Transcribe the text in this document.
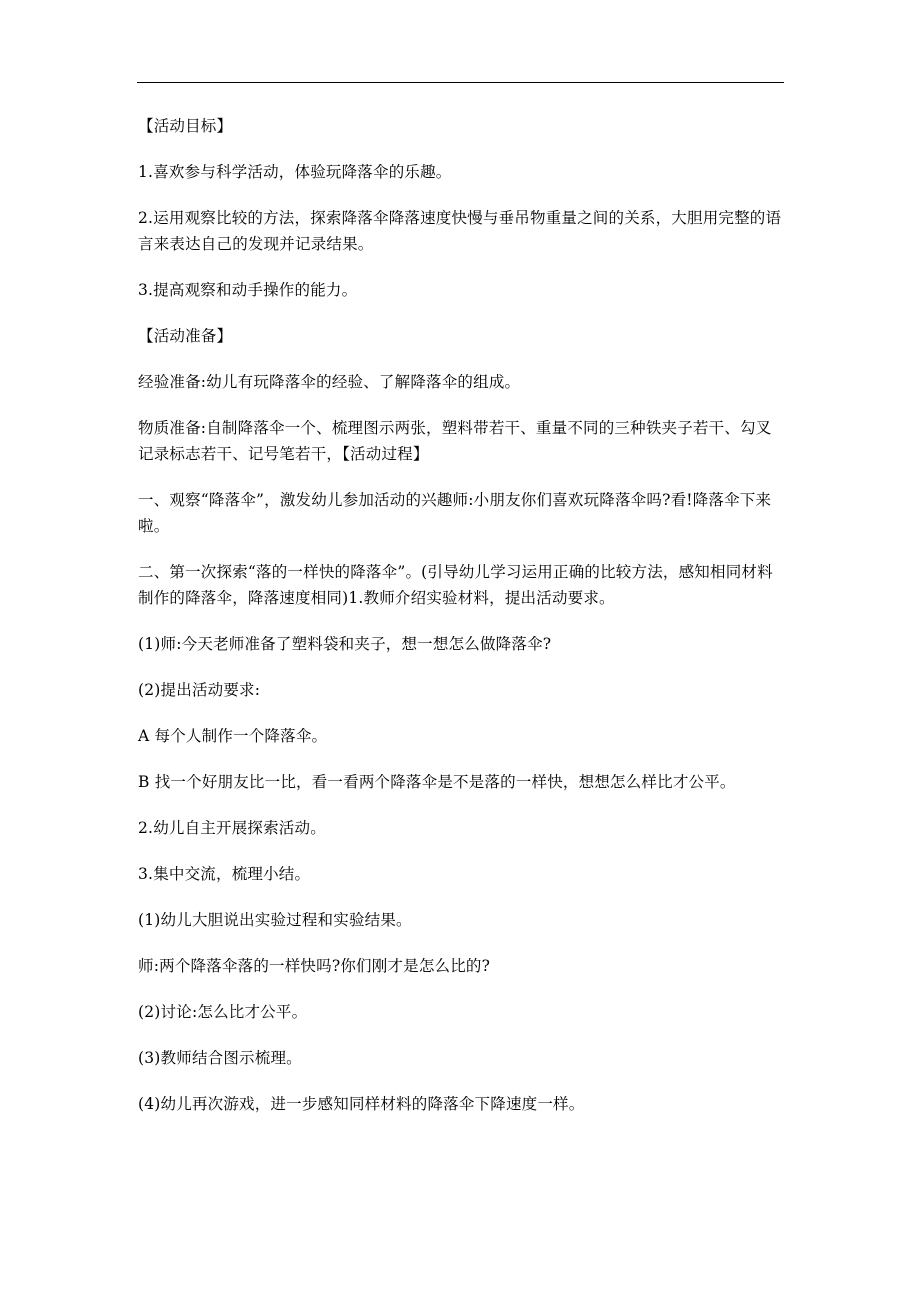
【活动目标】

1.喜欢参与科学活动，体验玩降落伞的乐趣。

2.运用观察比较的方法，探索降落伞降落速度快慢与垂吊物重量之间的关系，大胆用完整的语言来表达自己的发现并记录结果。

3.提高观察和动手操作的能力。

【活动准备】

经验准备:幼儿有玩降落伞的经验、了解降落伞的组成。

物质准备:自制降落伞一个、梳理图示两张，塑料带若干、重量不同的三种铁夹子若干、勾叉记录标志若干、记号笔若干，【活动过程】

一、观察“降落伞”，激发幼儿参加活动的兴趣师:小朋友你们喜欢玩降落伞吗?看!降落伞下来啦。

二、第一次探索“落的一样快的降落伞”。(引导幼儿学习运用正确的比较方法，感知相同材料制作的降落伞，降落速度相同)1.教师介绍实验材料，提出活动要求。

(1)师:今天老师准备了塑料袋和夹子，想一想怎么做降落伞?

(2)提出活动要求:

A 每个人制作一个降落伞。

B 找一个好朋友比一比，看一看两个降落伞是不是落的一样快，想想怎么样比才公平。

2.幼儿自主开展探索活动。

3.集中交流，梳理小结。

(1)幼儿大胆说出实验过程和实验结果。

师:两个降落伞落的一样快吗?你们刚才是怎么比的?

(2)讨论:怎么比才公平。

(3)教师结合图示梳理。

(4)幼儿再次游戏，进一步感知同样材料的降落伞下降速度一样。
